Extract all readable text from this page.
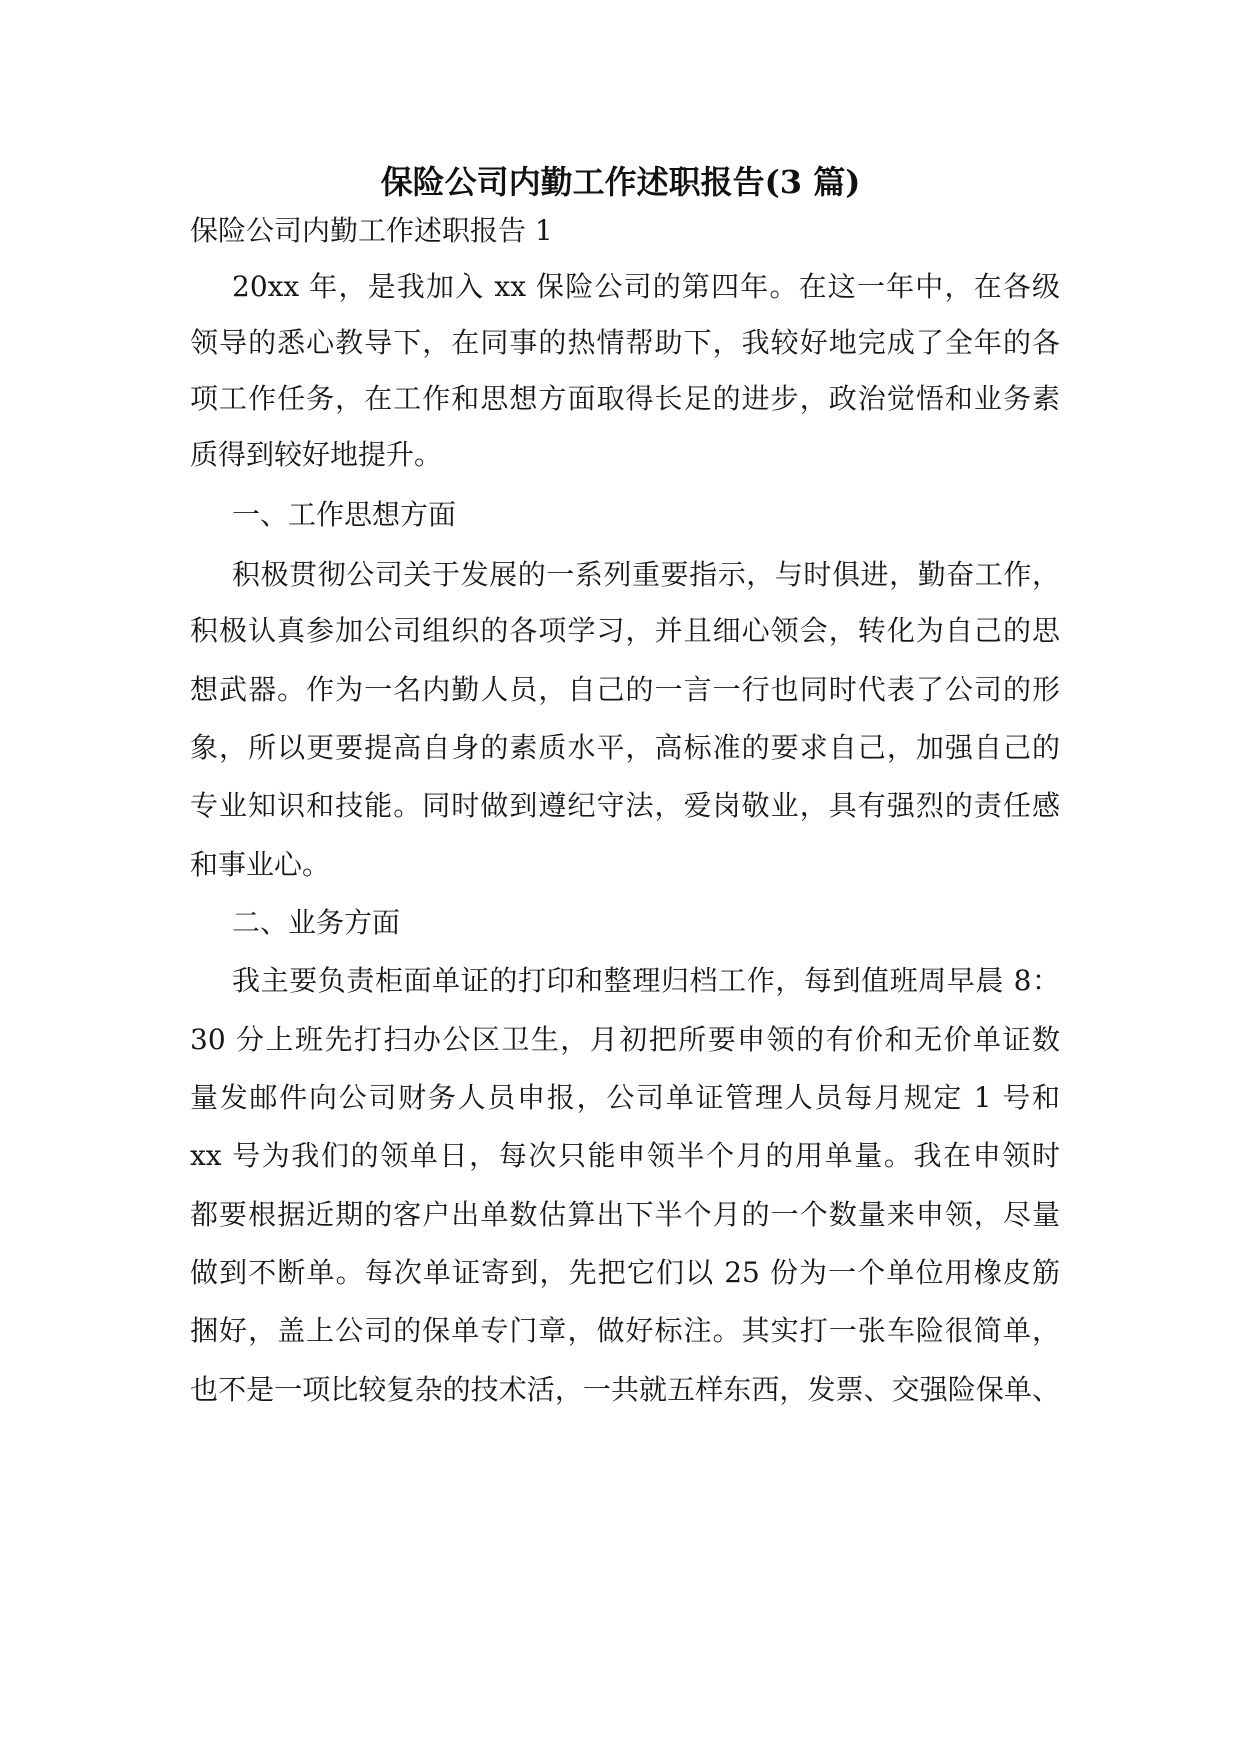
保险公司内勤工作述职报告(3 篇)

保险公司内勤工作述职报告 1

20xx 年，是我加入 xx 保险公司的第四年。在这一年中，在各级

领导的悉心教导下，在同事的热情帮助下，我较好地完成了全年的各

项工作任务，在工作和思想方面取得长足的进步，政治觉悟和业务素

质得到较好地提升。

一、工作思想方面

积极贯彻公司关于发展的一系列重要指示，与时俱进，勤奋工作，

积极认真参加公司组织的各项学习，并且细心领会，转化为自己的思

想武器。作为一名内勤人员，自己的一言一行也同时代表了公司的形

象，所以更要提高自身的素质水平，高标准的要求自己，加强自己的

专业知识和技能。同时做到遵纪守法，爱岗敬业，具有强烈的责任感

和事业心。

二、业务方面

我主要负责柜面单证的打印和整理归档工作，每到值班周早晨 8：

30 分上班先打扫办公区卫生，月初把所要申领的有价和无价单证数

量发邮件向公司财务人员申报，公司单证管理人员每月规定 1 号和

xx 号为我们的领单日，每次只能申领半个月的用单量。我在申领时

都要根据近期的客户出单数估算出下半个月的一个数量来申领，尽量

做到不断单。每次单证寄到，先把它们以 25 份为一个单位用橡皮筋

捆好，盖上公司的保单专门章，做好标注。其实打一张车险很简单，

也不是一项比较复杂的技术活，一共就五样东西，发票、交强险保单、
